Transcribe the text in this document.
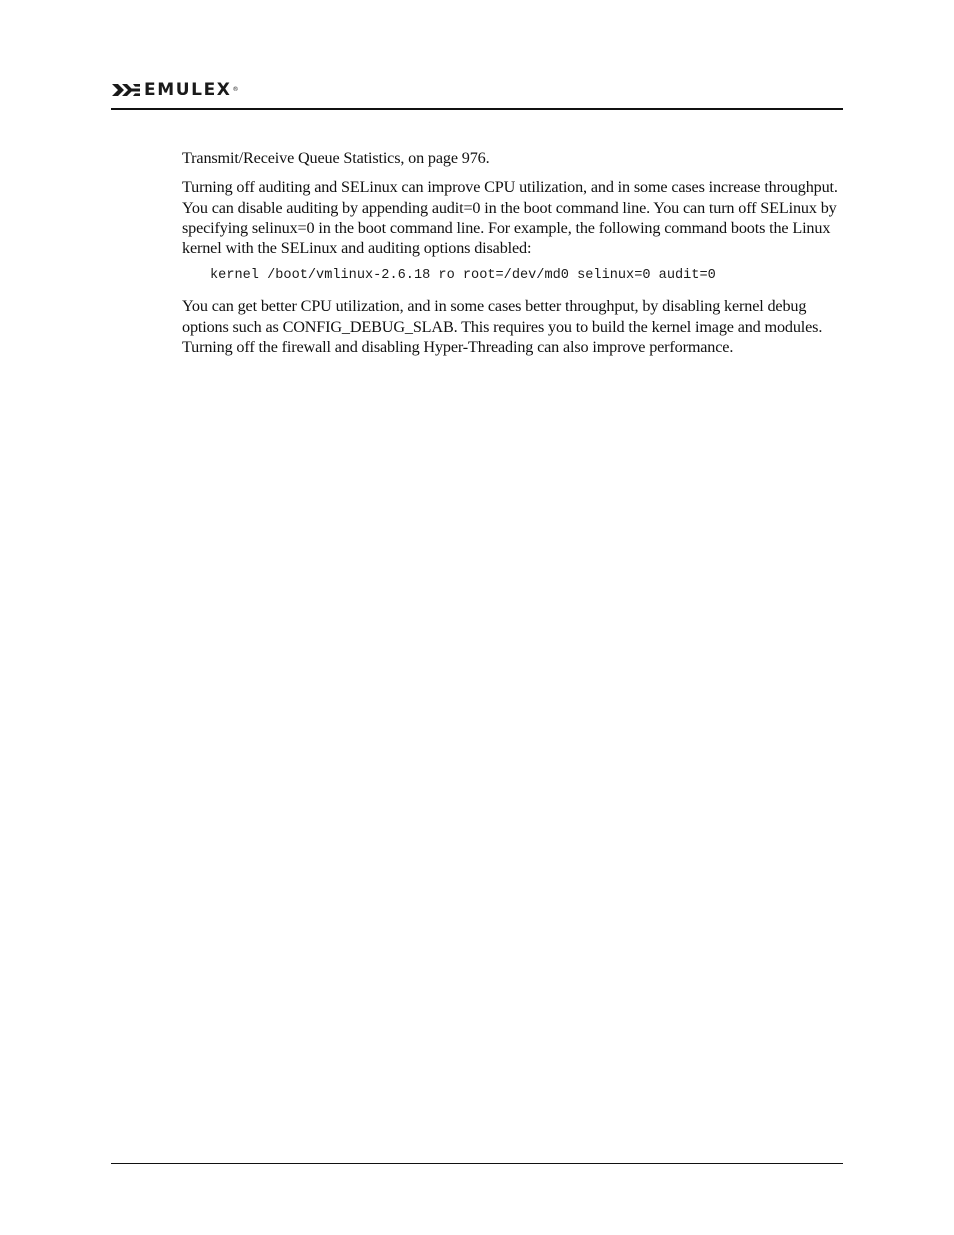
EMULEX ®

Transmit/Receive Queue Statistics, on page 976.

Turning off auditing and SELinux can improve CPU utilization, and in some cases increase throughput. You can disable auditing by appending audit=0 in the boot command line. You can turn off SELinux by specifying selinux=0 in the boot command line. For example, the following command boots the Linux kernel with the SELinux and auditing options disabled:

kernel /boot/vmlinux-2.6.18 ro root=/dev/md0 selinux=0 audit=0

You can get better CPU utilization, and in some cases better throughput, by disabling kernel debug options such as CONFIG_DEBUG_SLAB. This requires you to build the kernel image and modules. Turning off the firewall and disabling Hyper-Threading can also improve performance.
